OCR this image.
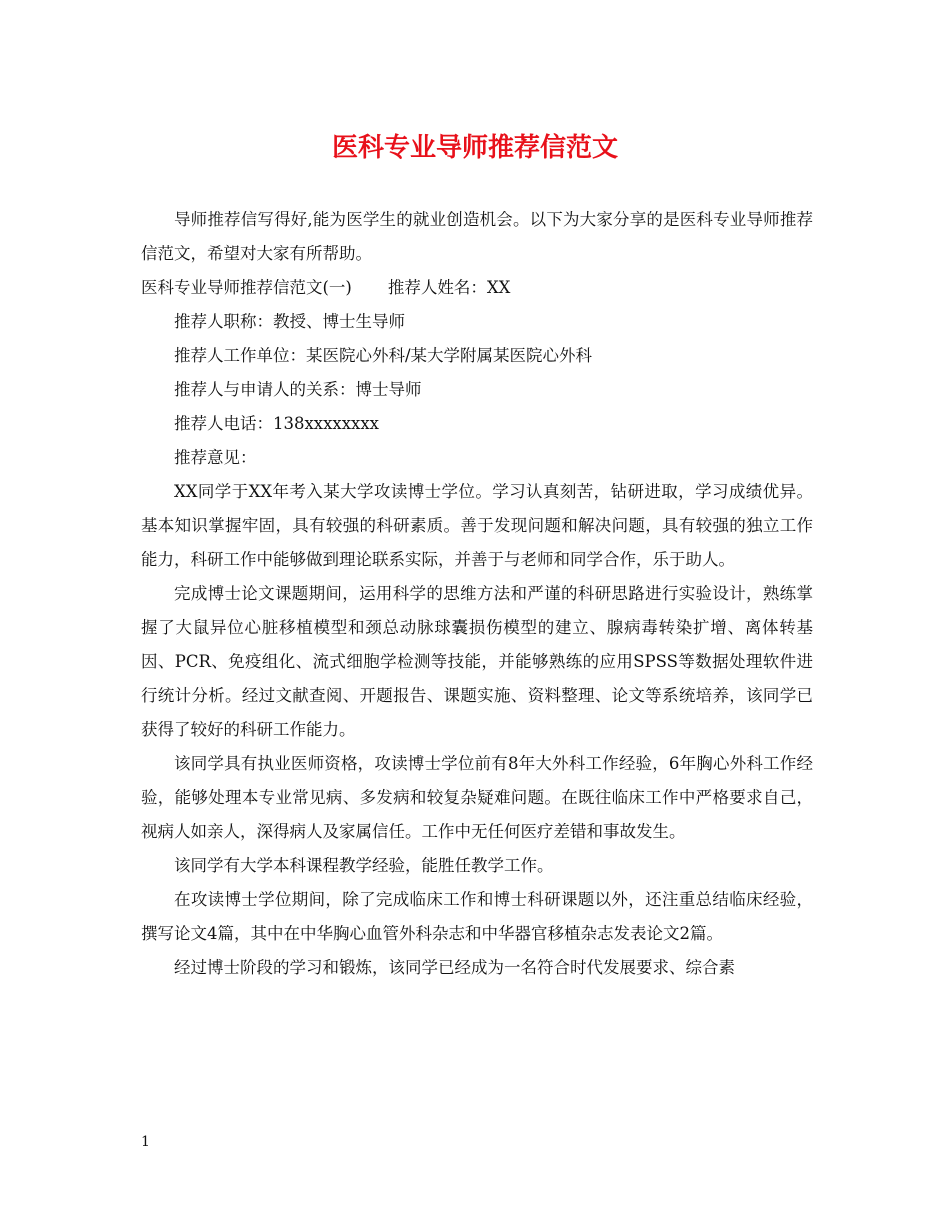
医科专业导师推荐信范文

导师推荐信写得好,能为医学生的就业创造机会。以下为大家分享的是医科专业导师推荐信范文，希望对大家有所帮助。

医科专业导师推荐信范文(一) 推荐人姓名：XX

推荐人职称：教授、博士生导师

推荐人工作单位：某医院心外科/某大学附属某医院心外科

推荐人与申请人的关系：博士导师

推荐人电话：138xxxxxxxx

推荐意见：

XX同学于XX年考入某大学攻读博士学位。学习认真刻苦，钻研进取，学习成绩优异。基本知识掌握牢固，具有较强的科研素质。善于发现问题和解决问题，具有较强的独立工作能力，科研工作中能够做到理论联系实际，并善于与老师和同学合作，乐于助人。

完成博士论文课题期间，运用科学的思维方法和严谨的科研思路进行实验设计，熟练掌握了大鼠异位心脏移植模型和颈总动脉球囊损伤模型的建立、腺病毒转染扩增、离体转基因、PCR、免疫组化、流式细胞学检测等技能，并能够熟练的应用SPSS等数据处理软件进行统计分析。经过文献查阅、开题报告、课题实施、资料整理、论文等系统培养，该同学已获得了较好的科研工作能力。

该同学具有执业医师资格，攻读博士学位前有8年大外科工作经验，6年胸心外科工作经验，能够处理本专业常见病、多发病和较复杂疑难问题。在既往临床工作中严格要求自己，视病人如亲人，深得病人及家属信任。工作中无任何医疗差错和事故发生。

该同学有大学本科课程教学经验，能胜任教学工作。

在攻读博士学位期间，除了完成临床工作和博士科研课题以外，还注重总结临床经验，撰写论文4篇，其中在中华胸心血管外科杂志和中华器官移植杂志发表论文2篇。

经过博士阶段的学习和锻炼，该同学已经成为一名符合时代发展要求、综合素

1
